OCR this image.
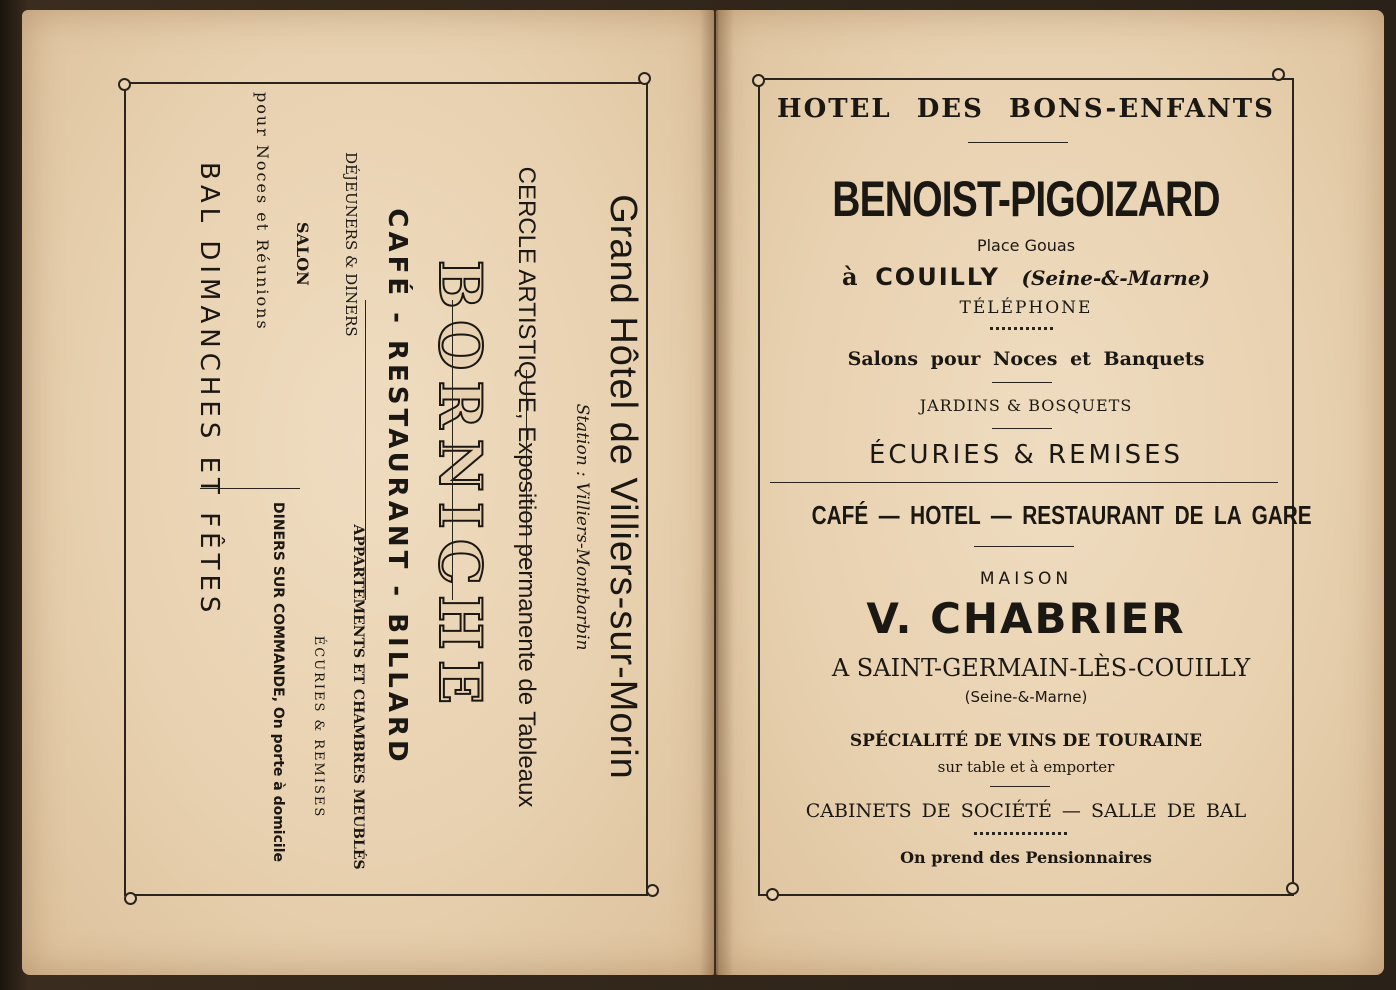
Grand Hôtel de Villiers-sur-Morin
Station : Villiers-Montbarbin
CERCLE ARTISTIQUE, Exposition permanente de Tableaux
BORNICHE
CAFÉ - RESTAURANT - BILLARD
APPARTEMENTS ET CHAMBRES MEUBLÉS
DÉJEUNERS & DINERS
ÉCURIES & REMISES
SALON
DINERS SUR COMMANDE, On porte à domicile
pour Noces et Réunions
BAL DIMANCHES ET FÊTES
HOTEL DES BONS-ENFANTS
BENOIST-PIGOIZARD
Place Gouas
à COUILLY (Seine-&-Marne)
TÉLÉPHONE
Salons pour Noces et Banquets
JARDINS & BOSQUETS
ÉCURIES & REMISES
CAFÉ — HOTEL — RESTAURANT DE LA GARE
MAISON
V. CHABRIER
A SAINT-GERMAIN-LÈS-COUILLY
(Seine-&-Marne)
SPÉCIALITÉ DE VINS DE TOURAINE
sur table et à emporter
CABINETS DE SOCIÉTÉ — SALLE DE BAL
On prend des Pensionnaires
